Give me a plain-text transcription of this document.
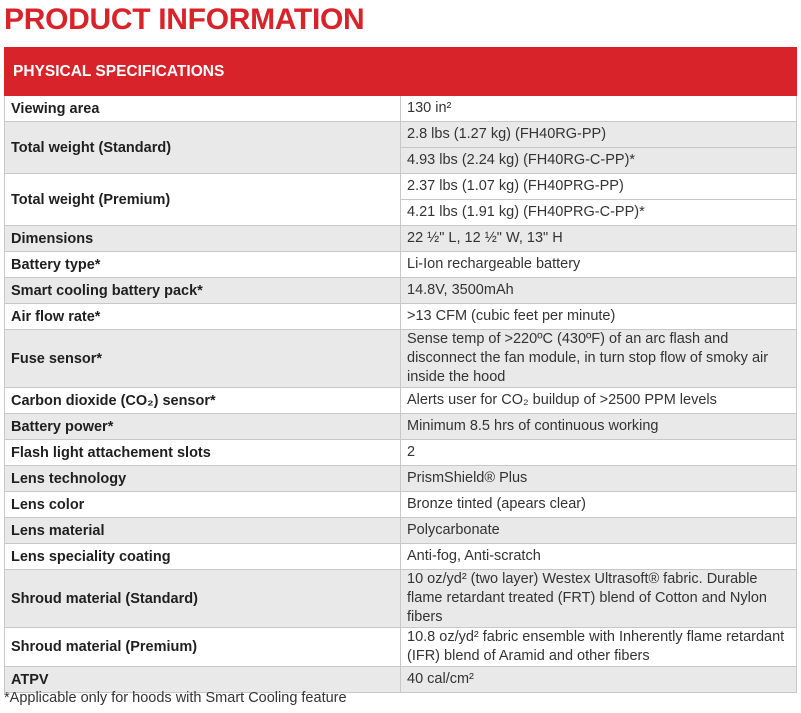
PRODUCT INFORMATION
PHYSICAL SPECIFICATIONS	
Viewing area	130 in²
Total weight (Standard)	2.8 lbs (1.27 kg) (FH40RG-PP)
	4.93 lbs (2.24 kg) (FH40RG-C-PP)*
Total weight (Premium)	2.37 lbs (1.07 kg) (FH40PRG-PP)
	4.21 lbs (1.91 kg) (FH40PRG-C-PP)*
Dimensions	22 ½" L, 12 ½" W, 13" H
Battery type*	Li-Ion rechargeable battery
Smart cooling battery pack*	14.8V, 3500mAh
Air flow rate*	>13 CFM (cubic feet per minute)
Fuse sensor*	Sense temp of >220ºC (430ºF) of an arc flash and disconnect the fan module, in turn stop flow of smoky air inside the hood
Carbon dioxide (CO₂) sensor*	Alerts user for CO₂ buildup of >2500 PPM levels
Battery power*	Minimum 8.5 hrs of continuous working
Flash light attachement slots	2
Lens technology	PrismShield® Plus
Lens color	Bronze tinted (apears clear)
Lens material	Polycarbonate
Lens speciality coating	Anti-fog, Anti-scratch
Shroud material (Standard)	10 oz/yd² (two layer) Westex Ultrasoft® fabric. Durable flame retardant treated (FRT) blend of Cotton and Nylon fibers
Shroud material (Premium)	10.8 oz/yd² fabric ensemble with Inherently flame retardant (IFR) blend of Aramid and other fibers
ATPV	40 cal/cm²

*Applicable only for hoods with Smart Cooling feature
